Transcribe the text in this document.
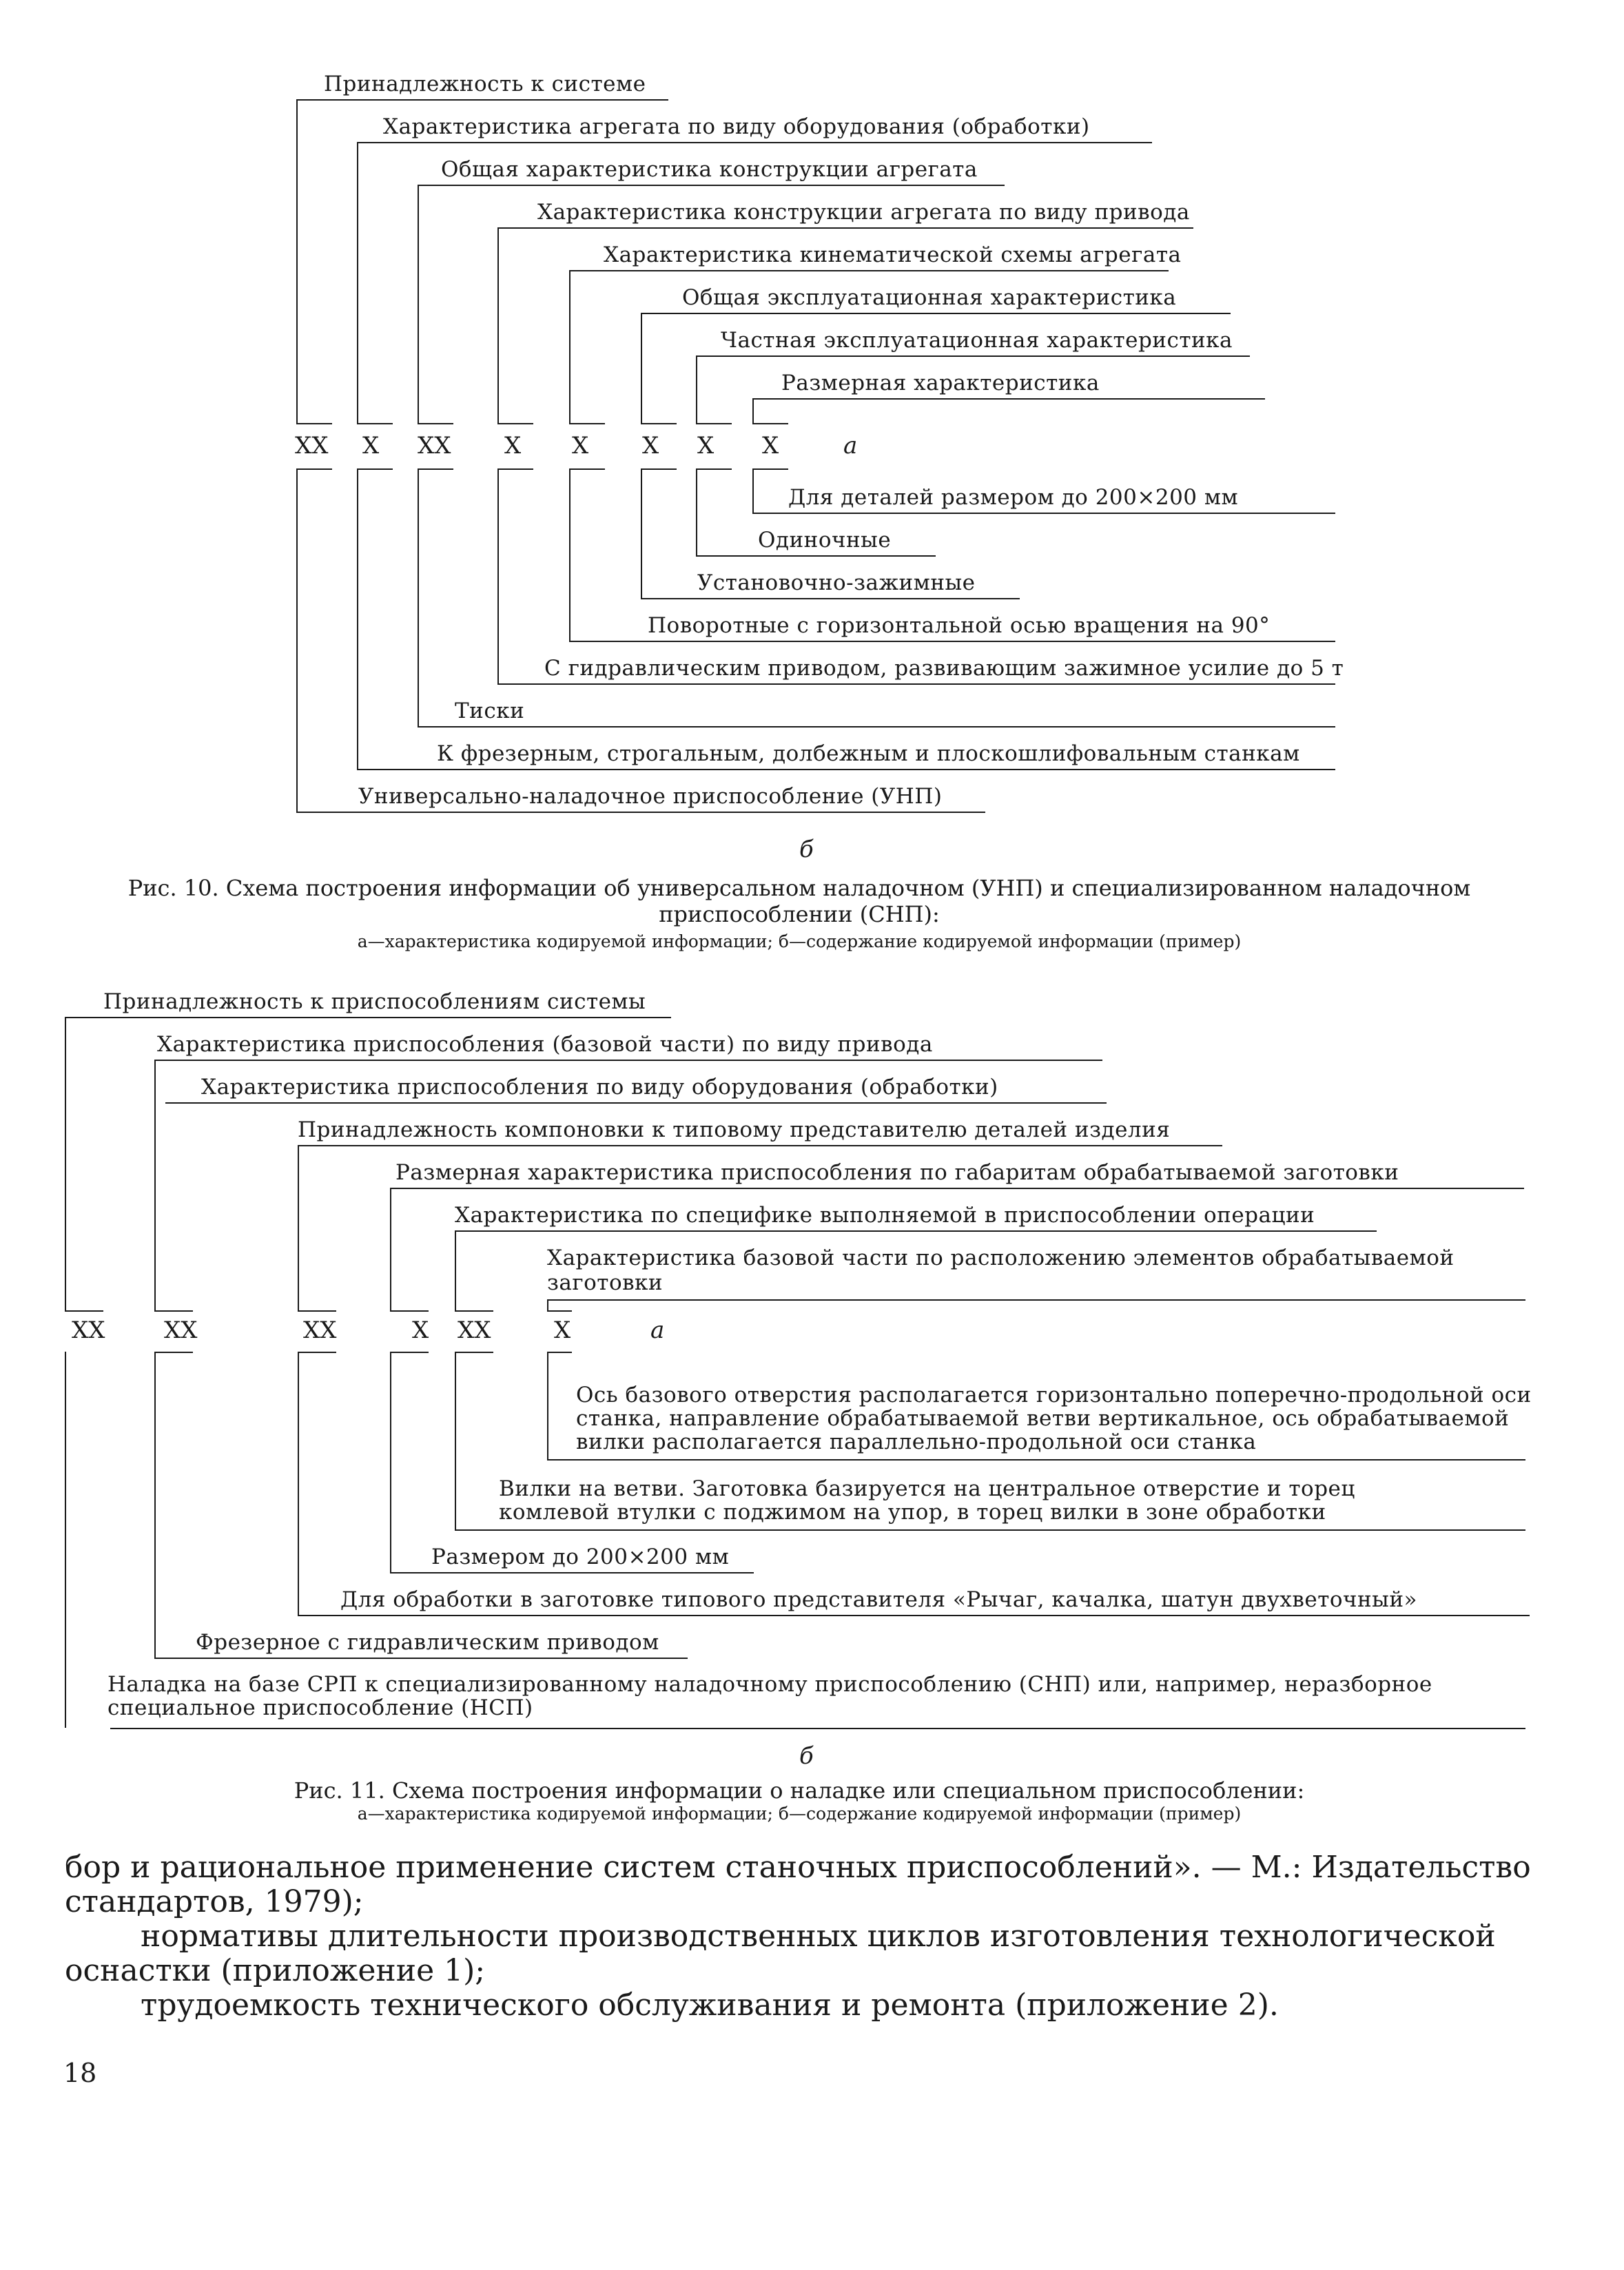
Принадлежность к системе
Характеристика агрегата по виду оборудования (обработки)
Общая характеристика конструкции агрегата
Характеристика конструкции агрегата по виду привода
Характеристика кинематической схемы агрегата
Общая эксплуатационная характеристика
Частная эксплуатационная характеристика
Размерная характеристика
XX X XX X X X X X	а
Для деталей размером до 200×200 мм
Одиночные
Установочно-зажимные
Поворотные с горизонтальной осью вращения на 90°
С гидравлическим приводом, развивающим зажимное усилие до 5 т
Тиски
К фрезерным, строгальным, долбежным и плоскошлифовальным станкам
Универсально-наладочное приспособление (УНП)
б
Рис. 10. Схема построения информации об универсальном наладочном (УНП) и специализированном наладочном приспособлении (СНП):
а—характеристика кодируемой информации; б—содержание кодируемой информации (пример)
Принадлежность к приспособлениям системы
Характеристика приспособления (базовой части) по виду привода
Характеристика приспособления по виду оборудования (обработки)
Принадлежность компоновки к типовому представителю деталей изделия
Размерная характеристика приспособления по габаритам обрабатываемой заготовки
Характеристика по специфике выполняемой в приспособлении операции
Характеристика базовой части по расположению элементов обрабатываемой заготовки
XX	XX	XX	X XX	X	а
Ось базового отверстия располагается горизонтально поперечно-продольной оси станка, направление обрабатываемой ветви вертикальное, ось обрабатываемой вилки располагается параллельно-продольной оси станка
Вилки на ветви. Заготовка базируется на центральное отверстие и торец комлевой втулки с поджимом на упор, в торец вилки в зоне обработки
Размером до 200×200 мм
Для обработки в заготовке типового представителя «Рычаг, качалка, шатун двухветочный»
Фрезерное с гидравлическим приводом
Наладка на базе СРП к специализированному наладочному приспособлению (СНП) или, например, неразборное специальное приспособление (НСП)
б
Рис. 11. Схема построения информации о наладке или специальном приспособлении:
а—характеристика кодируемой информации; б—содержание кодируемой информации (пример)
бор и рациональное применение систем станочных приспособлений». — М.: Издательство стандартов, 1979);
нормативы длительности производственных циклов изготовления технологической оснастки (приложение 1);
трудоемкость технического обслуживания и ремонта (приложение 2).
18
